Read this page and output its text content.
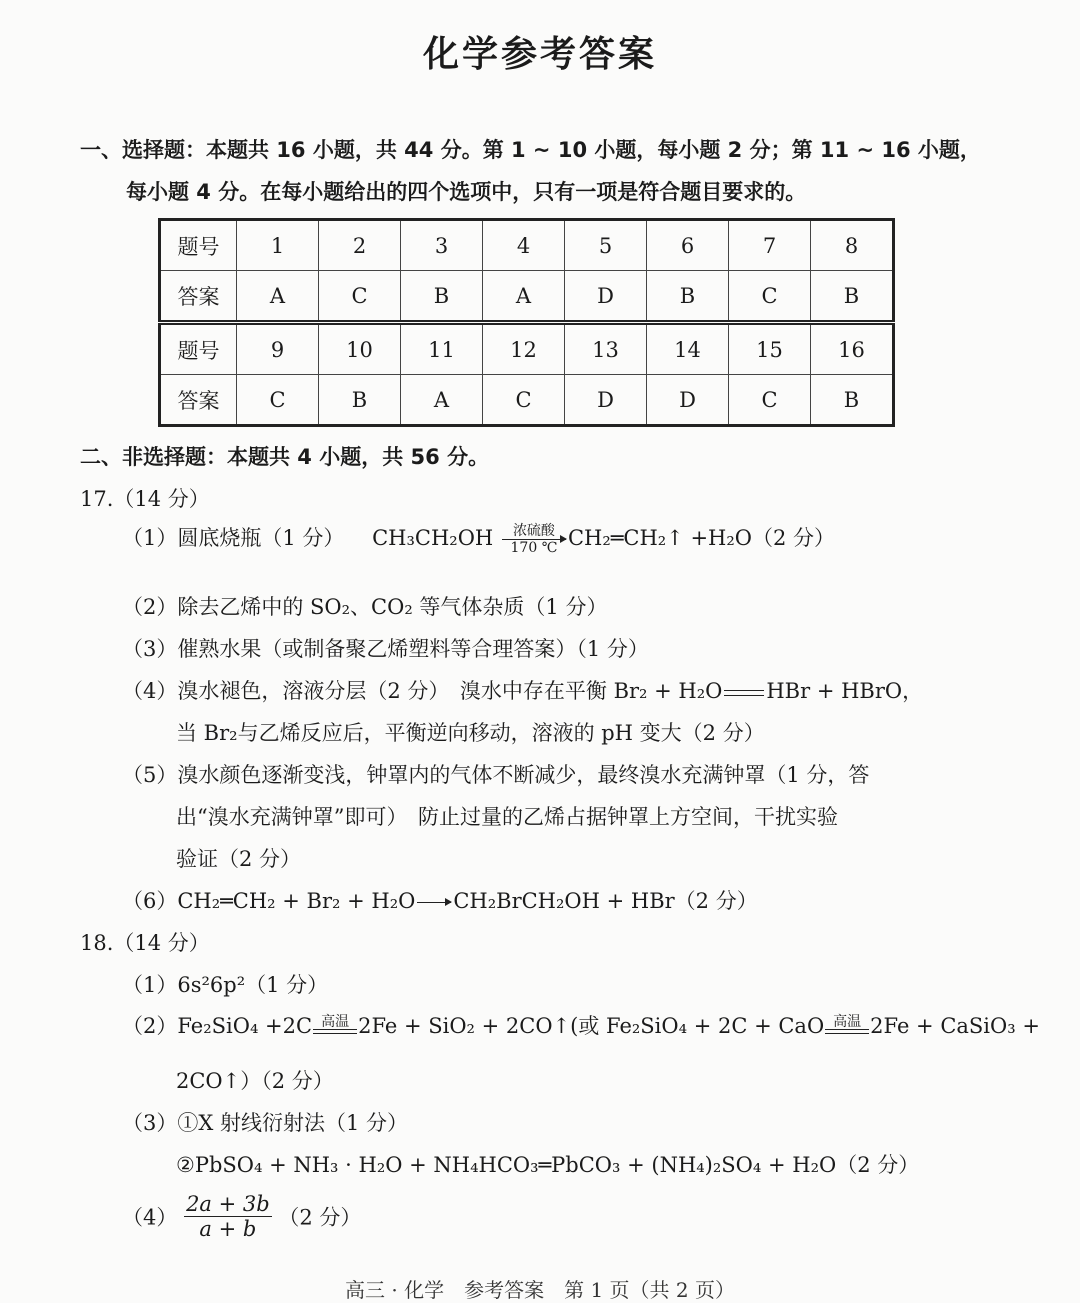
化学参考答案
一、选择题：本题共 16 小题，共 44 分。第 1 ~ 10 小题，每小题 2 分；第 11 ~ 16 小题，
每小题 4 分。在每小题给出的四个选项中，只有一项是符合题目要求的。
题号	1	2	3	4	5	6	7	8
答案	A	C	B	A	D	B	C	B
题号	9	10	11	12	13	14	15	16
答案	C	B	A	C	D	D	C	B
二、非选择题：本题共 4 小题，共 56 分。
17.（14 分）
（1）圆底烧瓶（1 分）  CH₃CH₂OH	浓硫酸
170 ℃ CH₂═CH₂↑ +H₂O（2 分）
（2）除去乙烯中的 SO₂、CO₂ 等气体杂质（1 分）
（3）催熟水果（或制备聚乙烯塑料等合理答案）（1 分）
（4）溴水褪色，溶液分层（2 分）　溴水中存在平衡 Br₂ + H₂O HBr + HBrO，
当 Br₂与乙烯反应后，平衡逆向移动，溶液的 pH 变大（2 分）
（5）溴水颜色逐渐变浅，钟罩内的气体不断减少，最终溴水充满钟罩（1 分，答
出“溴水充满钟罩”即可）　防止过量的乙烯占据钟罩上方空间，干扰实验
验证（2 分）
（6）CH₂═CH₂ + Br₂ + H₂O → CH₂BrCH₂OH + HBr（2 分）
18.（14 分）
（1）6s²6p²（1 分）
（2）Fe₂SiO₄ +2C 高温 2Fe + SiO₂ + 2CO↑(或 Fe₂SiO₄ + 2C + CaO 高温 2Fe + CaSiO₃ +
2CO↑）（2 分）
（3）①X 射线衍射法（1 分）
②PbSO₄ + NH₃ · H₂O + NH₄HCO₃═PbCO₃ + (NH₄)₂SO₄ + H₂O（2 分）
$(4) \frac{2a + 3b}{a + b} (2$ 分）
高三 · 化学　参考答案　第 1 页（共 2 页）
